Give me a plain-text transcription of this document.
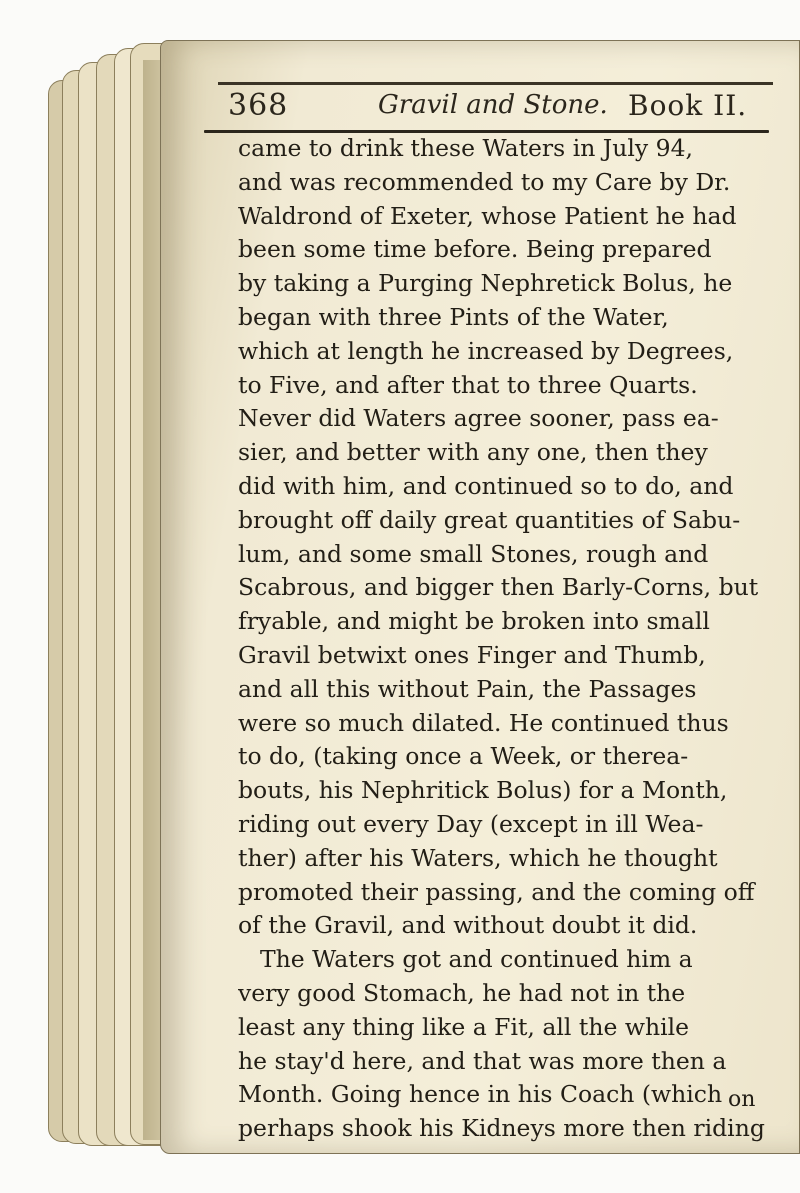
368	Gravil and Stone. Book II.
came to drink these Waters in July 94,
and was recommended to my Care by Dr.
Waldrond of Exeter, whose Patient he had
been some time before. Being prepared
by taking a Purging Nephretick Bolus, he
began with three Pints of the Water,
which at length he increased by Degrees,
to Five, and after that to three Quarts.
Never did Waters agree sooner, pass ea-
sier, and better with any one, then they
did with him, and continued so to do, and
brought off daily great quantities of Sabu-
lum, and some small Stones, rough and
Scabrous, and bigger then Barly-Corns, but
fryable, and might be broken into small
Gravil betwixt ones Finger and Thumb,
and all this without Pain, the Passages
were so much dilated. He continued thus
to do, (taking once a Week, or therea-
bouts, his Nephritick Bolus) for a Month,
riding out every Day (except in ill Wea-
ther) after his Waters, which he thought
promoted their passing, and the coming off
of the Gravil, and without doubt it did.
The Waters got and continued him a
very good Stomach, he had not in the
least any thing like a Fit, all the while
he stay'd here, and that was more then a
Month. Going hence in his Coach (which
perhaps shook his Kidneys more then riding
on
